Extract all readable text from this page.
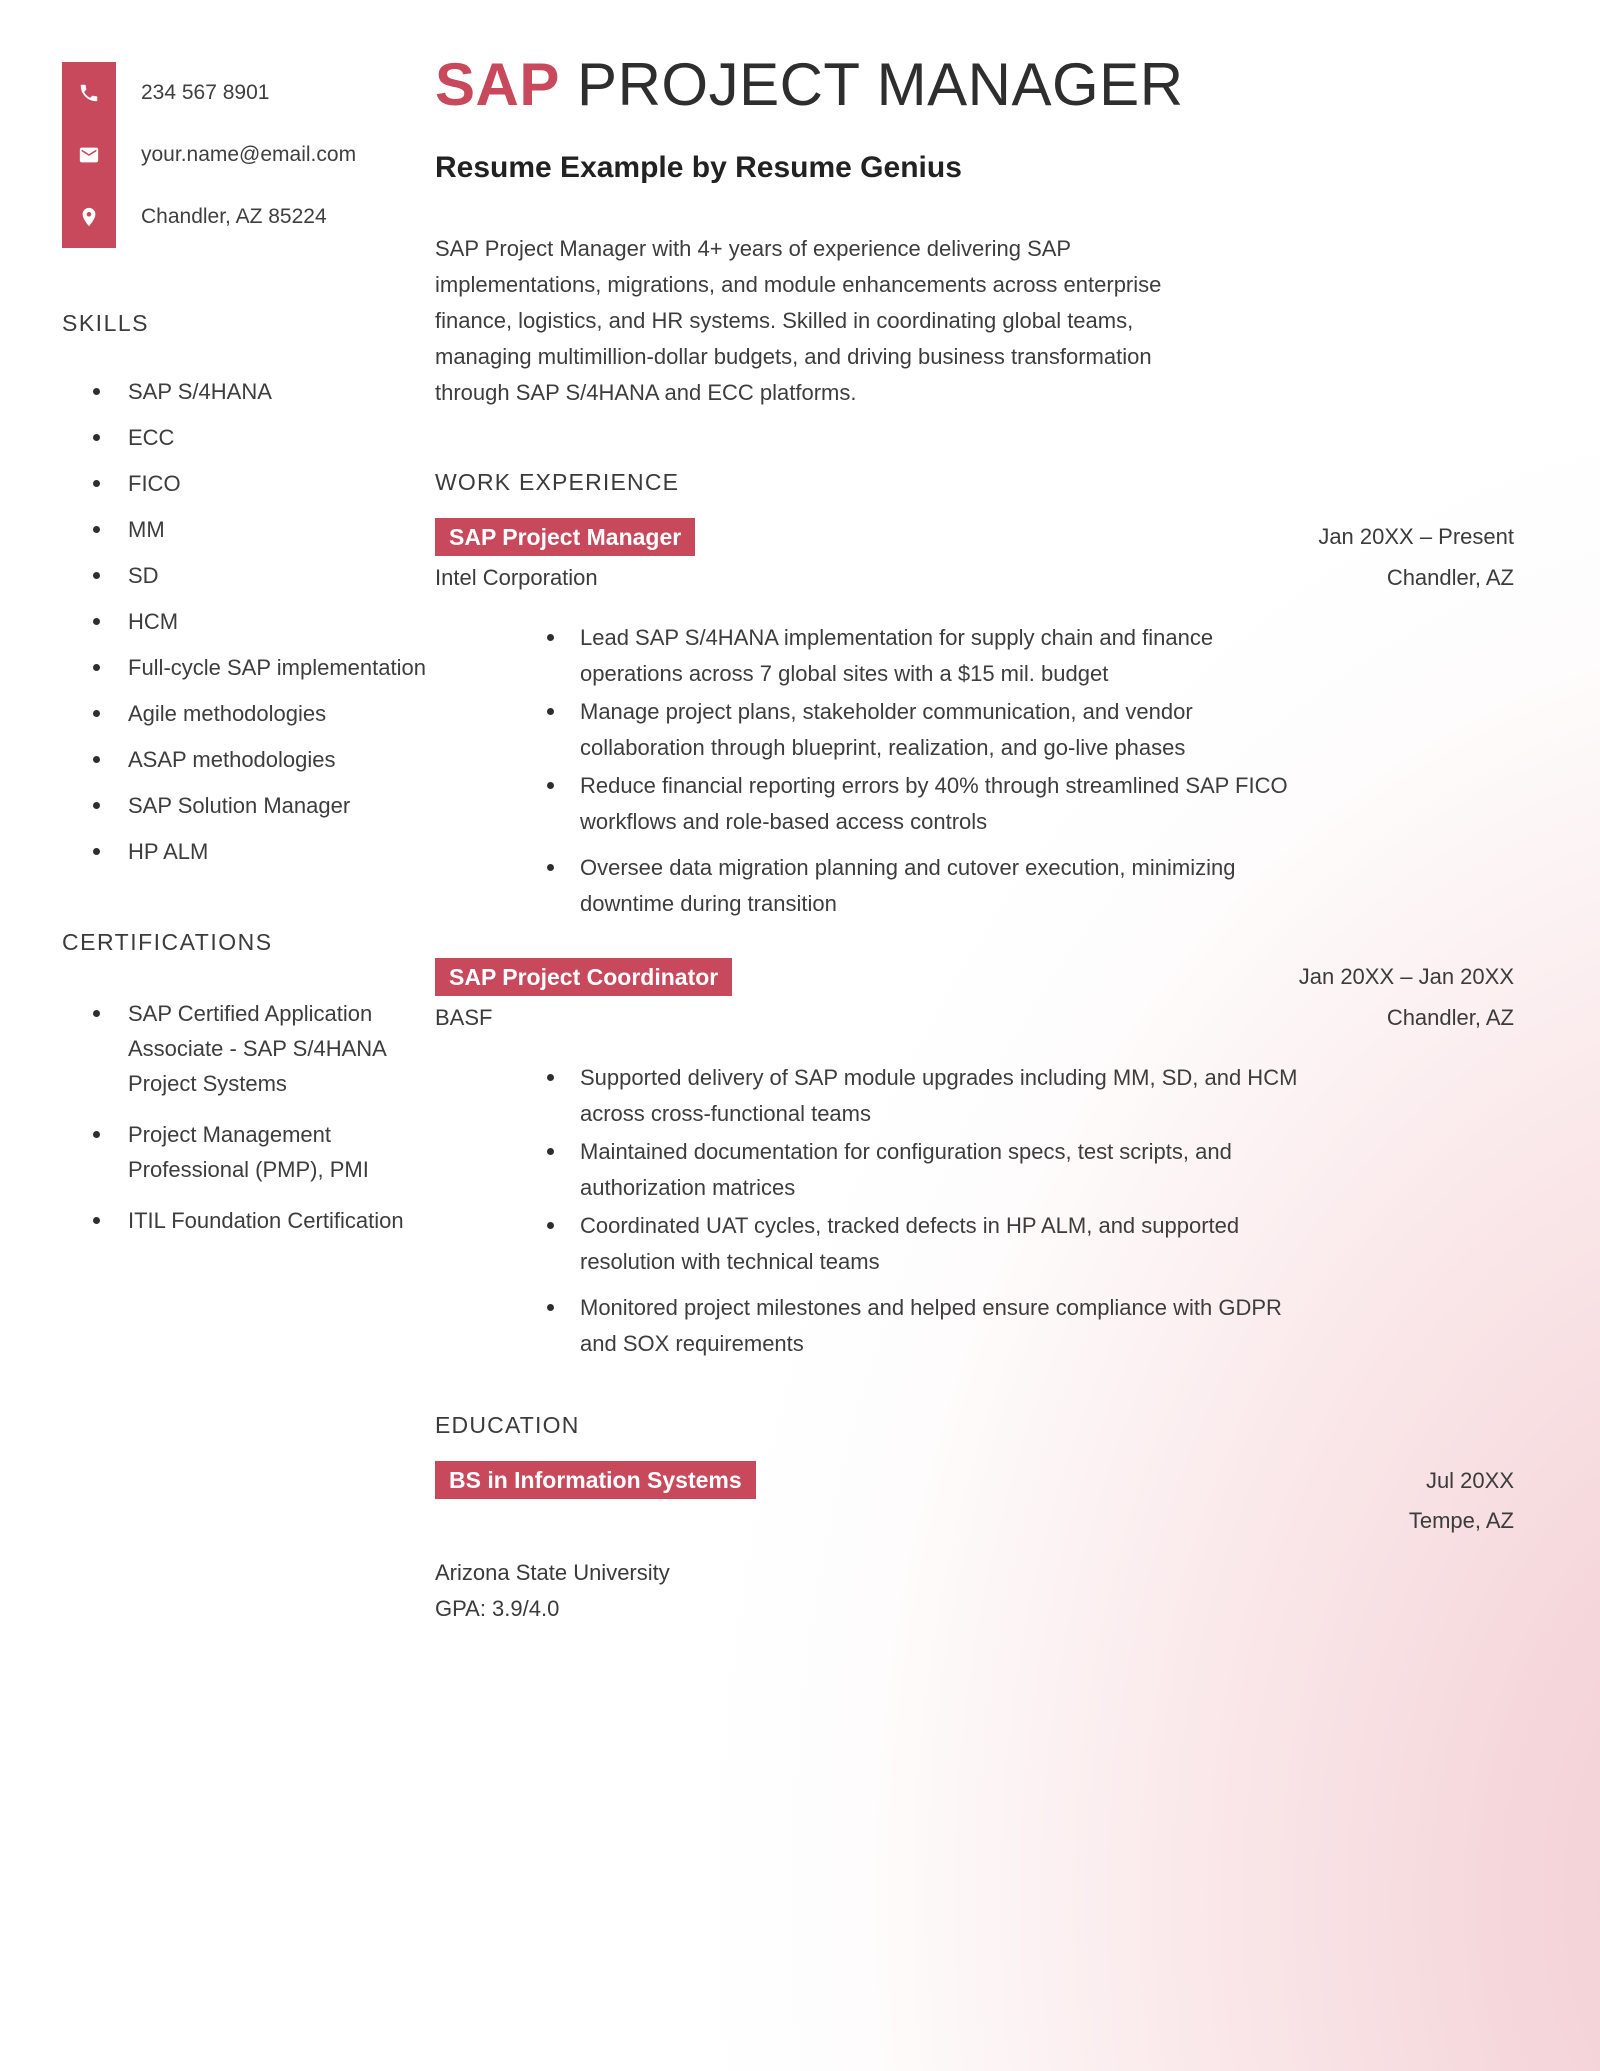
234 567 8901
your.name@email.com
Chandler, AZ 85224
SKILLS
SAP S/4HANA
ECC
FICO
MM
SD
HCM
Full-cycle SAP implementation
Agile methodologies
ASAP methodologies
SAP Solution Manager
HP ALM
CERTIFICATIONS
SAP Certified Application Associate - SAP S/4HANA Project Systems
Project Management Professional (PMP), PMI
ITIL Foundation Certification
SAP PROJECT MANAGER
Resume Example by Resume Genius

SAP Project Manager with 4+ years of experience delivering SAP implementations, migrations, and module enhancements across enterprise finance, logistics, and HR systems. Skilled in coordinating global teams, managing multimillion-dollar budgets, and driving business transformation through SAP S/4HANA and ECC platforms.

WORK EXPERIENCE
SAP Project Manager	Jan 20XX – Present
Intel Corporation	Chandler, AZ
Lead SAP S/4HANA implementation for supply chain and finance operations across 7 global sites with a $15 mil. budget
Manage project plans, stakeholder communication, and vendor collaboration through blueprint, realization, and go-live phases
Reduce financial reporting errors by 40% through streamlined SAP FICO workflows and role-based access controls
Oversee data migration planning and cutover execution, minimizing downtime during transition
SAP Project Coordinator	Jan 20XX – Jan 20XX
BASF	Chandler, AZ
Supported delivery of SAP module upgrades including MM, SD, and HCM across cross-functional teams
Maintained documentation for configuration specs, test scripts, and authorization matrices
Coordinated UAT cycles, tracked defects in HP ALM, and supported resolution with technical teams
Monitored project milestones and helped ensure compliance with GDPR and SOX requirements
EDUCATION
BS in Information Systems	Jul 20XX
Tempe, AZ
Arizona State University
GPA: 3.9/4.0
